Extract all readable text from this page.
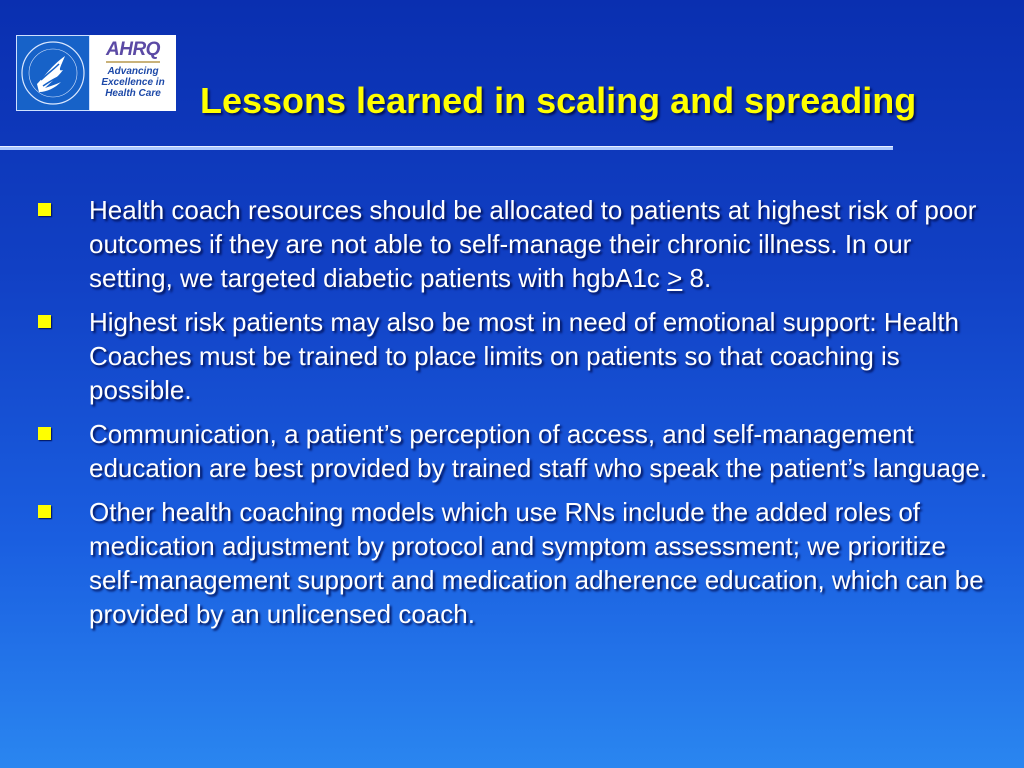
AHRQ
Advancing
Excellence in
Health Care Lessons learned in scaling and spreading
Health coach resources should be allocated to patients at highest risk of poor outcomes if they are not able to self-manage their chronic illness. In our setting, we targeted diabetic patients with hgbA1c ≥ 8.
Highest risk patients may also be most in need of emotional support: Health Coaches must be trained to place limits on patients so that coaching is possible.
Communication, a patient’s perception of access, and self-management education are best provided by trained staff who speak the patient’s language.
Other health coaching models which use RNs include the added roles of medication adjustment by protocol and symptom assessment; we prioritize self-management support and medication adherence education, which can be provided by an unlicensed coach.
